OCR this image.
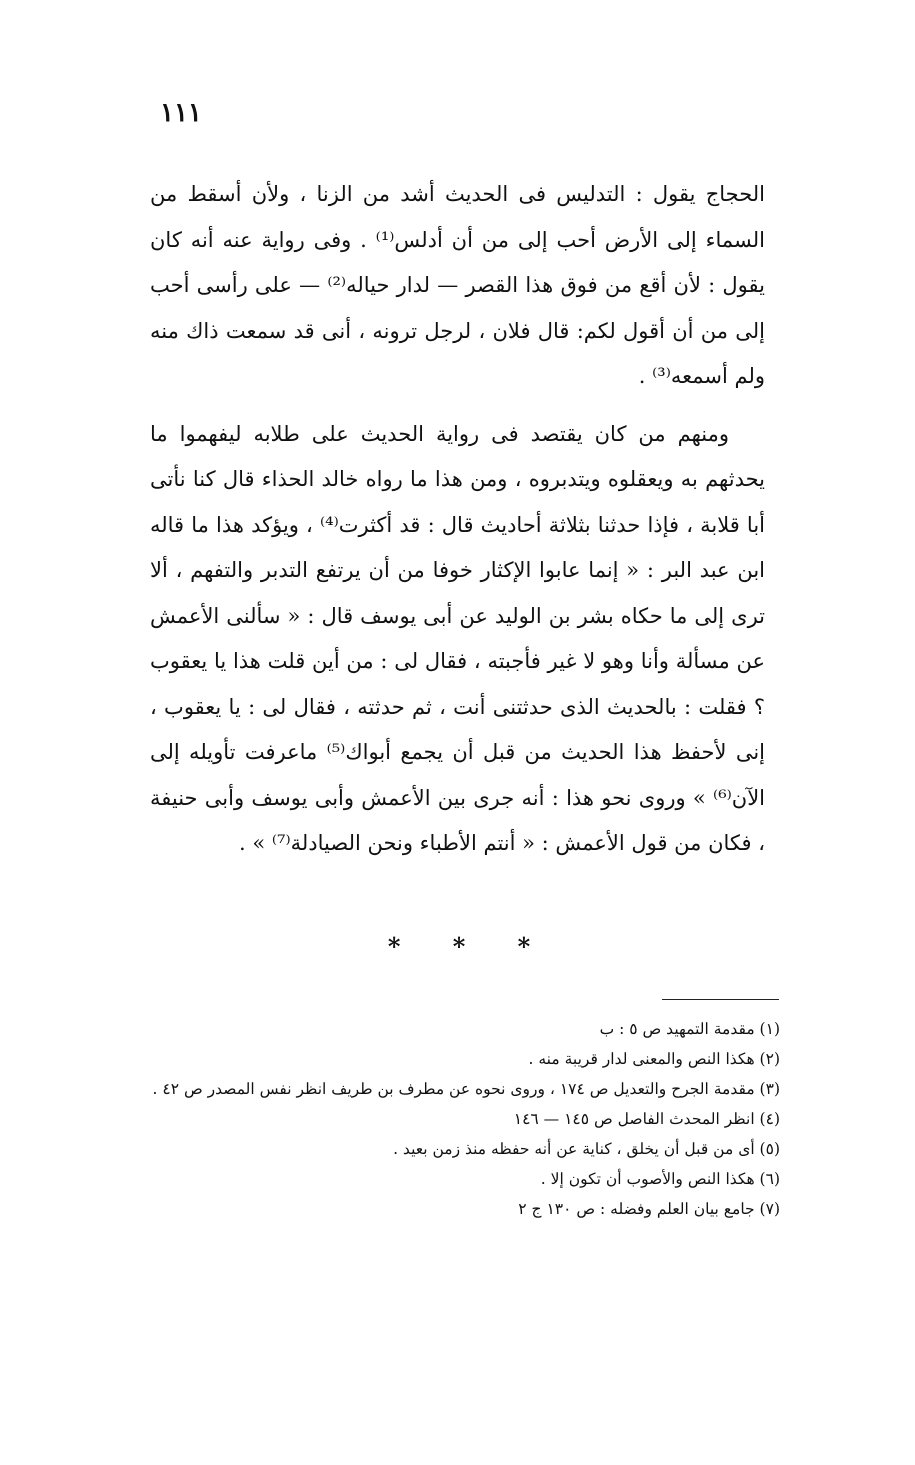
١١١

الحجاج يقول : التدليس فى الحديث أشد من الزنا ، ولأن أسقط من السماء إلى الأرض أحب إلى من أن أدلس⁽¹⁾ . وفى رواية عنه أنه كان يقول : لأن أقع من فوق هذا القصر — لدار حياله⁽²⁾ — على رأسى أحب إلى من أن أقول لكم: قال فلان ، لرجل ترونه ، أنى قد سمعت ذاك منه ولم أسمعه⁽³⁾ .

ومنهم من كان يقتصد فى رواية الحديث على طلابه ليفهموا ما يحدثهم به ويعقلوه ويتدبروه ، ومن هذا ما رواه خالد الحذاء قال كنا نأتى أبا قلابة ، فإذا حدثنا بثلاثة أحاديث قال : قد أكثرت⁽⁴⁾ ، ويؤكد هذا ما قاله ابن عبد البر : « إنما عابوا الإكثار خوفا من أن يرتفع التدبر والتفهم ، ألا ترى إلى ما حكاه بشر بن الوليد عن أبى يوسف قال : « سألنى الأعمش عن مسألة وأنا وهو لا غير فأجبته ، فقال لى : من أين قلت هذا يا يعقوب ؟ فقلت : بالحديث الذى حدثتنى أنت ، ثم حدثته ، فقال لى : يا يعقوب ، إنى لأحفظ هذا الحديث من قبل أن يجمع أبواك⁽⁵⁾ ماعرفت تأويله إلى الآن⁽⁶⁾ » وروى نحو هذا : أنه جرى بين الأعمش وأبى يوسف وأبى حنيفة ، فكان من قول الأعمش : « أنتم الأطباء ونحن الصيادلة⁽⁷⁾ » .

* * *
(١) مقدمة التمهيد ص ٥ : ب
(٢) هكذا النص والمعنى لدار قريبة منه .
(٣) مقدمة الجرح والتعديل ص ١٧٤ ، وروى نحوه عن مطرف بن طريف انظر نفس المصدر ص ٤٢ .
(٤) انظر المحدث الفاصل ص ١٤٥ — ١٤٦
(٥) أى من قبل أن يخلق ، كناية عن أنه حفظه منذ زمن بعيد .
(٦) هكذا النص والأصوب أن تكون إلا .
(٧) جامع بيان العلم وفضله : ص ١٣٠ ج ٢
